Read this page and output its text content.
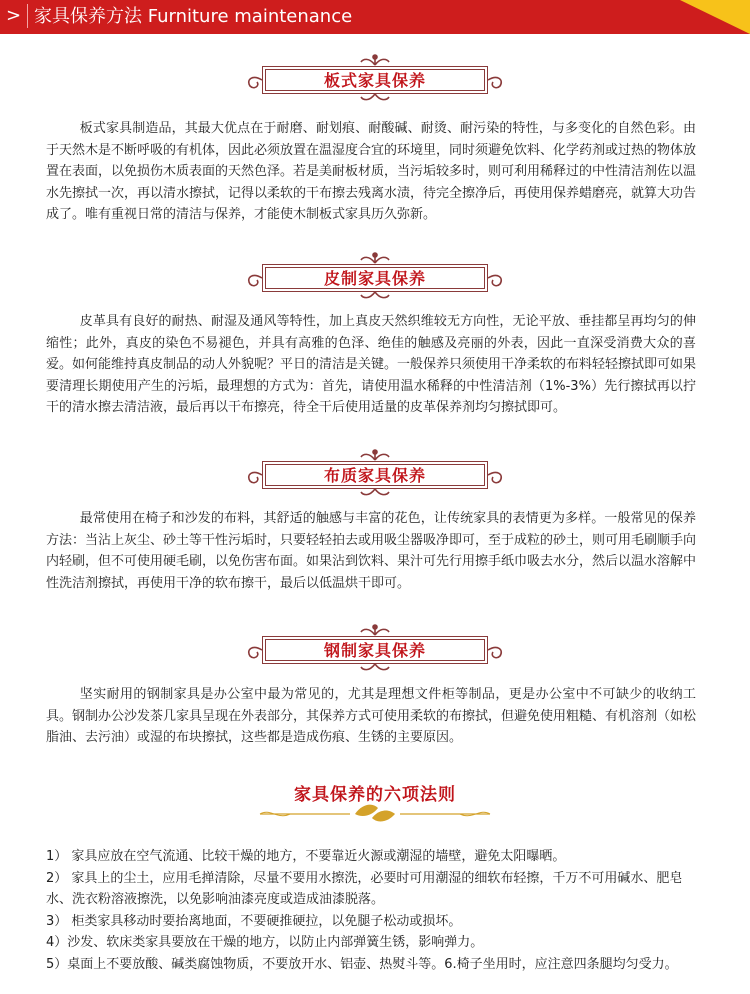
> 家具保养方法 Furniture maintenance
板式家具保养

板式家具制造品，其最大优点在于耐磨、耐划痕、耐酸碱、耐烫、耐污染的特性，与多变化的自然色彩。由于天然木是不断呼吸的有机体，因此必须放置在温湿度合宜的环境里，同时须避免饮料、化学药剂或过热的物体放置在表面，以免损伤木质表面的天然色泽。若是美耐板材质，当污垢较多时，则可利用稀释过的中性清洁剂佐以温水先擦拭一次，再以清水擦拭，记得以柔软的干布擦去残离水渍，待完全擦净后，再使用保养蜡磨亮，就算大功告成了。唯有重视日常的清洁与保养，才能使木制板式家具历久弥新。

皮制家具保养

皮革具有良好的耐热、耐湿及通风等特性，加上真皮天然织维较无方向性，无论平放、垂挂都呈再均匀的伸缩性；此外，真皮的染色不易褪色，并具有高雅的色泽、绝佳的触感及亮丽的外表，因此一直深受消费大众的喜爱。如何能维持真皮制品的动人外貌呢？平日的清洁是关键。一般保养只须使用干净柔软的布料轻轻擦拭即可如果要清理长期使用产生的污垢，最理想的方式为：首先，请使用温水稀释的中性清洁剂（1%-3%）先行擦拭再以拧干的清水擦去清洁液，最后再以干布擦亮，待全干后使用适量的皮革保养剂均匀擦拭即可。

布质家具保养

最常使用在椅子和沙发的布料，其舒适的触感与丰富的花色，让传统家具的表情更为多样。一般常见的保养方法：当沾上灰尘、砂土等干性污垢时，只要轻轻拍去或用吸尘器吸净即可，至于成粒的砂土，则可用毛刷顺手向内轻刷，但不可使用硬毛刷，以免伤害布面。如果沾到饮料、果汁可先行用擦手纸巾吸去水分，然后以温水溶解中性洗洁剂擦拭，再使用干净的软布擦干，最后以低温烘干即可。

钢制家具保养

坚实耐用的钢制家具是办公室中最为常见的，尤其是理想文件柜等制品，更是办公室中不可缺少的收纳工具。钢制办公沙发茶几家具呈现在外表部分，其保养方式可使用柔软的布擦拭，但避免使用粗糙、有机溶剂（如松脂油、去污油）或湿的布块擦拭，这些都是造成伤痕、生锈的主要原因。

家具保养的六项法则
1） 家具应放在空气流通、比较干燥的地方，不要靠近火源或潮湿的墙壁，避免太阳曝晒。
2） 家具上的尘土，应用毛掸清除，尽量不要用水擦洗，必要时可用潮湿的细软布轻擦，千万不可用碱水、肥皂水、洗衣粉溶液擦洗，以免影响油漆亮度或造成油漆脱落。
3） 柜类家具移动时要抬离地面，不要硬推硬拉，以免腿子松动或损坏。
4）沙发、软床类家具要放在干燥的地方，以防止内部弹簧生锈，影响弹力。
5）桌面上不要放酸、碱类腐蚀物质，不要放开水、铝壶、热熨斗等。6.椅子坐用时，应注意四条腿均匀受力。
